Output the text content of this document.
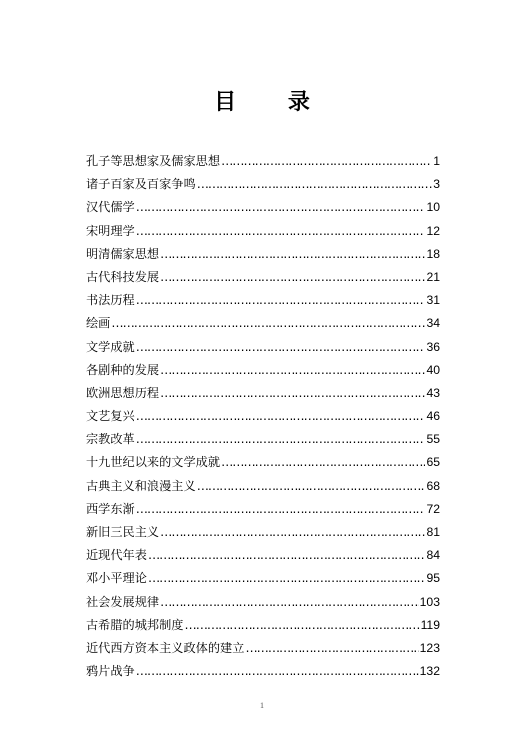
目 录
孔子等思想家及儒家思想 ……………………………………………………………………………………………………………………………………	1
诸子百家及百家争鸣 ……………………………………………………………………………………………………………………………………	3
汉代儒学 ……………………………………………………………………………………………………………………………………	10
宋明理学 ……………………………………………………………………………………………………………………………………	12
明清儒家思想 ……………………………………………………………………………………………………………………………………	18
古代科技发展 ……………………………………………………………………………………………………………………………………	21
书法历程 ……………………………………………………………………………………………………………………………………	31
绘画 ……………………………………………………………………………………………………………………………………	34
文学成就 ……………………………………………………………………………………………………………………………………	36
各剧种的发展 ……………………………………………………………………………………………………………………………………	40
欧洲思想历程 ……………………………………………………………………………………………………………………………………	43
文艺复兴 ……………………………………………………………………………………………………………………………………	46
宗教改革 ……………………………………………………………………………………………………………………………………	55
十九世纪以来的文学成就 ……………………………………………………………………………………………………………………………………	65
古典主义和浪漫主义 ……………………………………………………………………………………………………………………………………	68
西学东渐 ……………………………………………………………………………………………………………………………………	72
新旧三民主义 ……………………………………………………………………………………………………………………………………	81
近现代年表 ……………………………………………………………………………………………………………………………………	84
邓小平理论 ……………………………………………………………………………………………………………………………………	95
社会发展规律 ……………………………………………………………………………………………………………………………………	103
古希腊的城邦制度 ……………………………………………………………………………………………………………………………………	119
近代西方资本主义政体的建立 ……………………………………………………………………………………………………………………………………	123
鸦片战争 ……………………………………………………………………………………………………………………………………	132
1
